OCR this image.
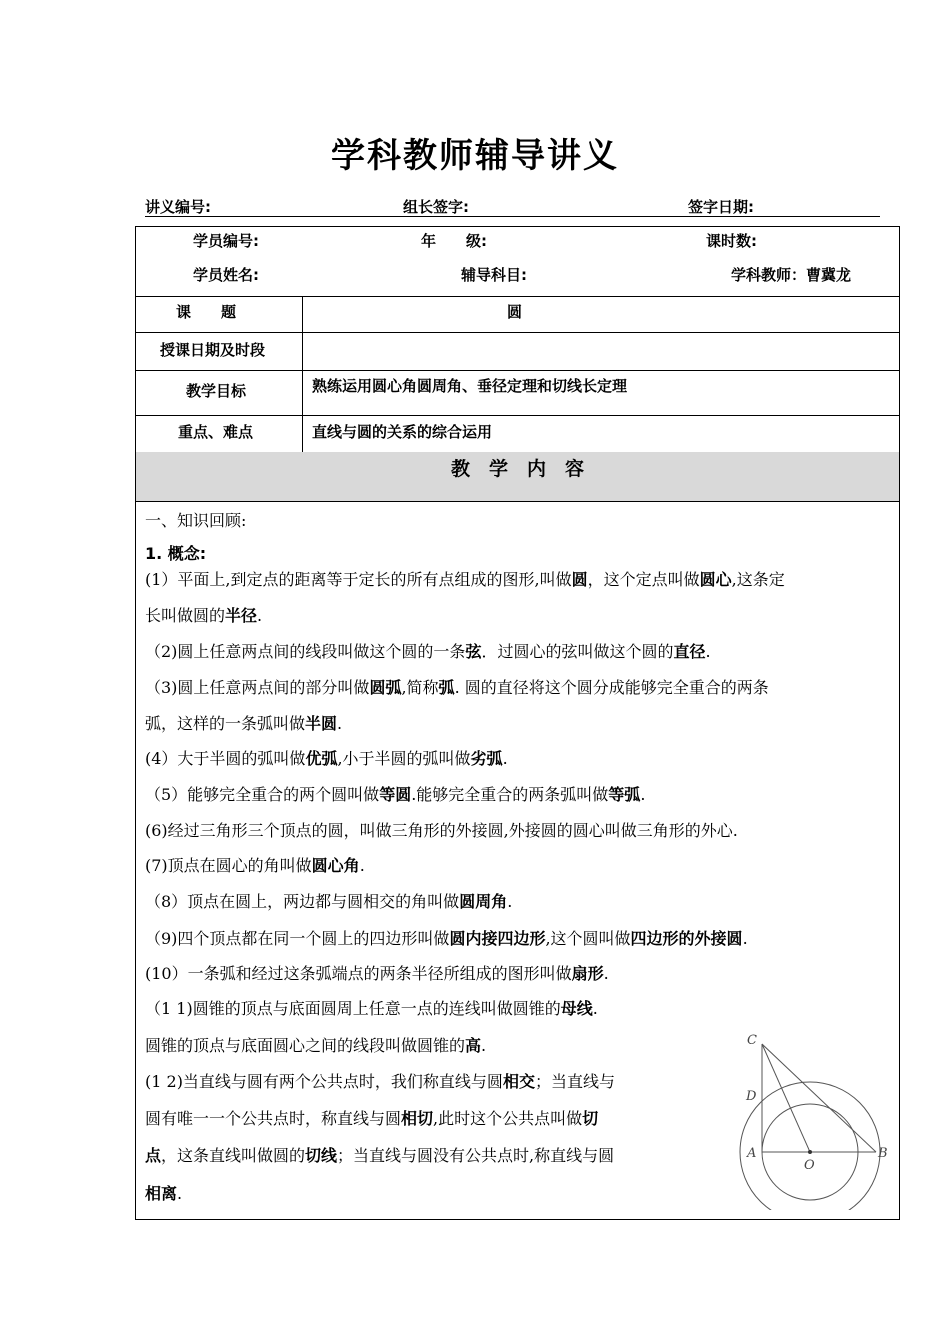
学科教师辅导讲义
讲义编号:	组长签字:	签字日期:
学员编号:	年　　级:	课时数:
学员姓名:	辅导科目:	学科教师：曹冀龙
课　　题	圆
授课日期及时段
教学目标	熟练运用圆心角圆周角、垂径定理和切线长定理
重点、难点	直线与圆的关系的综合运用
教　学　内　容
一、知识回顾:
1. 概念:
(1）平面上,到定点的距离等于定长的所有点组成的图形,叫做圆，这个定点叫做圆心,这条定
长叫做圆的半径.
（2)圆上任意两点间的线段叫做这个圆的一条弦．过圆心的弦叫做这个圆的直径.
（3)圆上任意两点间的部分叫做圆弧,简称弧. 圆的直径将这个圆分成能够完全重合的两条
弧，这样的一条弧叫做半圆.
(4）大于半圆的弧叫做优弧,小于半圆的弧叫做劣弧.
（5）能够完全重合的两个圆叫做等圆.能够完全重合的两条弧叫做等弧.
(6)经过三角形三个顶点的圆，叫做三角形的外接圆,外接圆的圆心叫做三角形的外心.
(7)顶点在圆心的角叫做圆心角.
（8）顶点在圆上，两边都与圆相交的角叫做圆周角.
（9)四个顶点都在同一个圆上的四边形叫做圆内接四边形,这个圆叫做四边形的外接圆.
(10）一条弧和经过这条弧端点的两条半径所组成的图形叫做扇形.
（1 1)圆锥的顶点与底面圆周上任意一点的连线叫做圆锥的母线.
圆锥的顶点与底面圆心之间的线段叫做圆锥的高.
(1 2)当直线与圆有两个公共点时，我们称直线与圆相交；当直线与
圆有唯一一个公共点时，称直线与圆相切,此时这个公共点叫做切
点，这条直线叫做圆的切线；当直线与圆没有公共点时,称直线与圆
相离.
C
D
A
O
B
